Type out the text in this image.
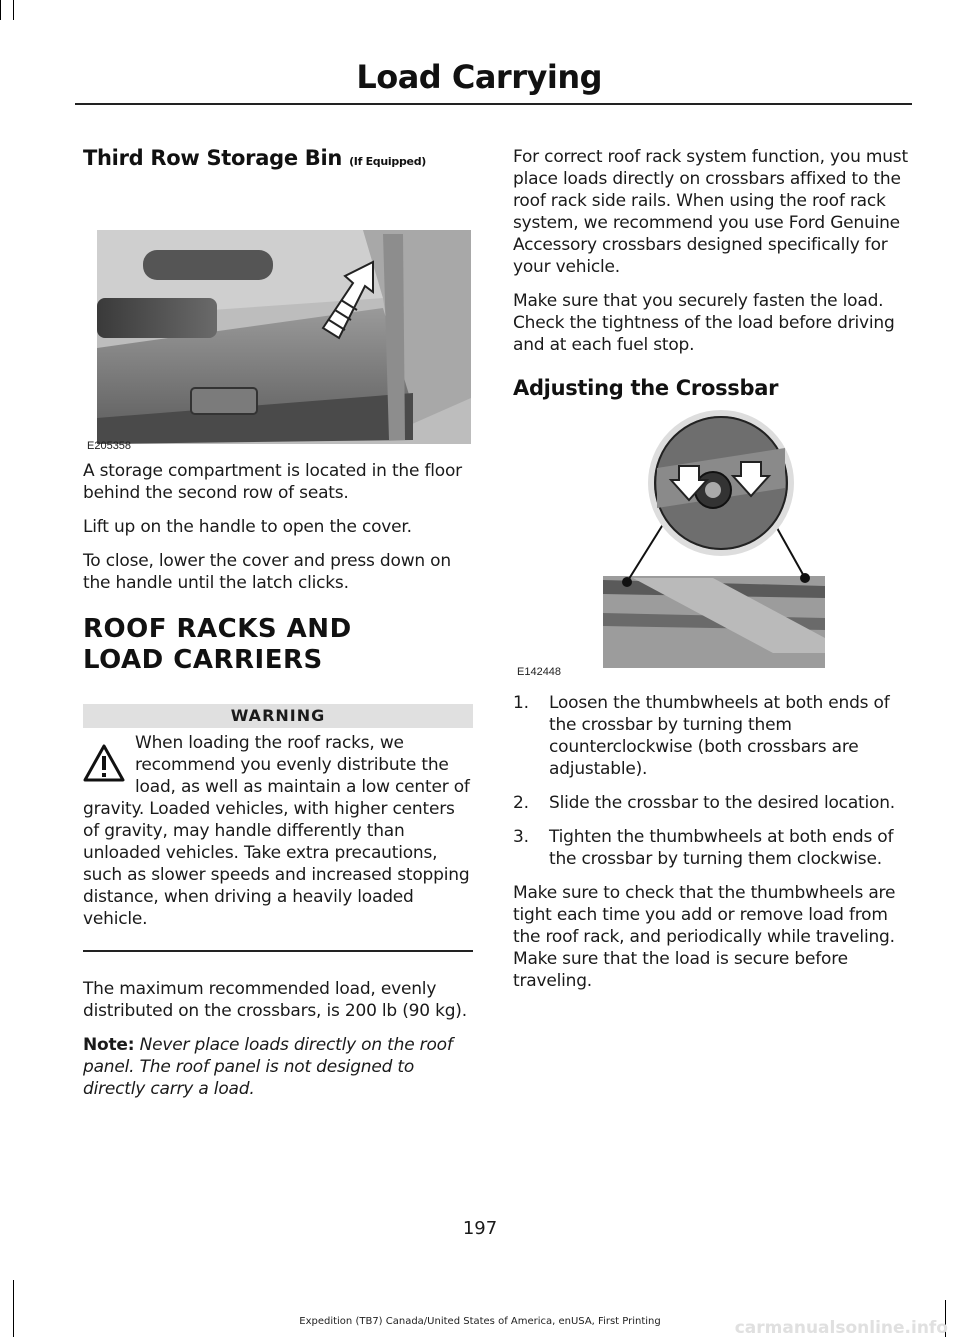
Load Carrying
Third Row Storage Bin (If Equipped)
E205358

A storage compartment is located in the floor behind the second row of seats.

Lift up on the handle to open the cover.

To close, lower the cover and press down on the handle until the latch clicks.

ROOF RACKS AND LOAD CARRIERS
WARNING

When loading the roof racks, we recommend you evenly distribute the load, as well as maintain a low center of gravity. Loaded vehicles, with higher centers of gravity, may handle differently than unloaded vehicles. Take extra precautions, such as slower speeds and increased stopping distance, when driving a heavily loaded vehicle.

The maximum recommended load, evenly distributed on the crossbars, is 200 lb (90 kg).

Note: Never place loads directly on the roof panel. The roof panel is not designed to directly carry a load.

For correct roof rack system function, you must place loads directly on crossbars affixed to the roof rack side rails. When using the roof rack system, we recommend you use Ford Genuine Accessory crossbars designed specifically for your vehicle.

Make sure that you securely fasten the load. Check the tightness of the load before driving and at each fuel stop.

Adjusting the Crossbar
E142448
1.	Loosen the thumbwheels at both ends of the crossbar by turning them counterclockwise (both crossbars are adjustable).
2.	Slide the crossbar to the desired location.
3.	Tighten the thumbwheels at both ends of the crossbar by turning them clockwise.

Make sure to check that the thumbwheels are tight each time you add or remove load from the roof rack, and periodically while traveling. Make sure that the load is secure before traveling.

197
Expedition (TB7) Canada/United States of America, enUSA, First Printing	carmanualsonline.info
